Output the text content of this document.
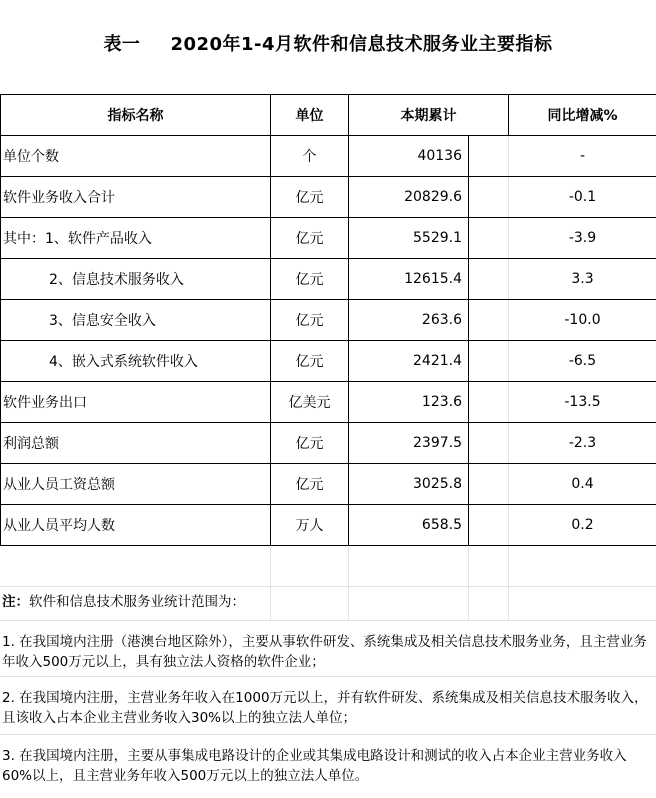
表一 2020年1-4月软件和信息技术服务业主要指标
指标名称	单位	本期累计		同比增减%
单位个数	个	40136		-
软件业务收入合计	亿元	20829.6		-0.1
其中：1、软件产品收入	亿元	5529.1		-3.9
2、信息技术服务收入	亿元	12615.4		3.3
3、信息安全收入	亿元	263.6		-10.0
4、嵌入式系统软件收入	亿元	2421.4		-6.5
软件业务出口	亿美元	123.6		-13.5
利润总额	亿元	2397.5		-2.3
从业人员工资总额	亿元	3025.8		0.4
从业人员平均人数	万人	658.5		0.2
注：软件和信息技术服务业统计范围为：
1. 在我国境内注册（港澳台地区除外），主要从事软件研发、系统集成及相关信息技术服务业务，且主营业务年收入500万元以上，具有独立法人资格的软件企业；
2. 在我国境内注册，主营业务年收入在1000万元以上，并有软件研发、系统集成及相关信息技术服务收入，且该收入占本企业主营业务收入30%以上的独立法人单位；
3. 在我国境内注册，主要从事集成电路设计的企业或其集成电路设计和测试的收入占本企业主营业务收入60%以上，且主营业务年收入500万元以上的独立法人单位。
